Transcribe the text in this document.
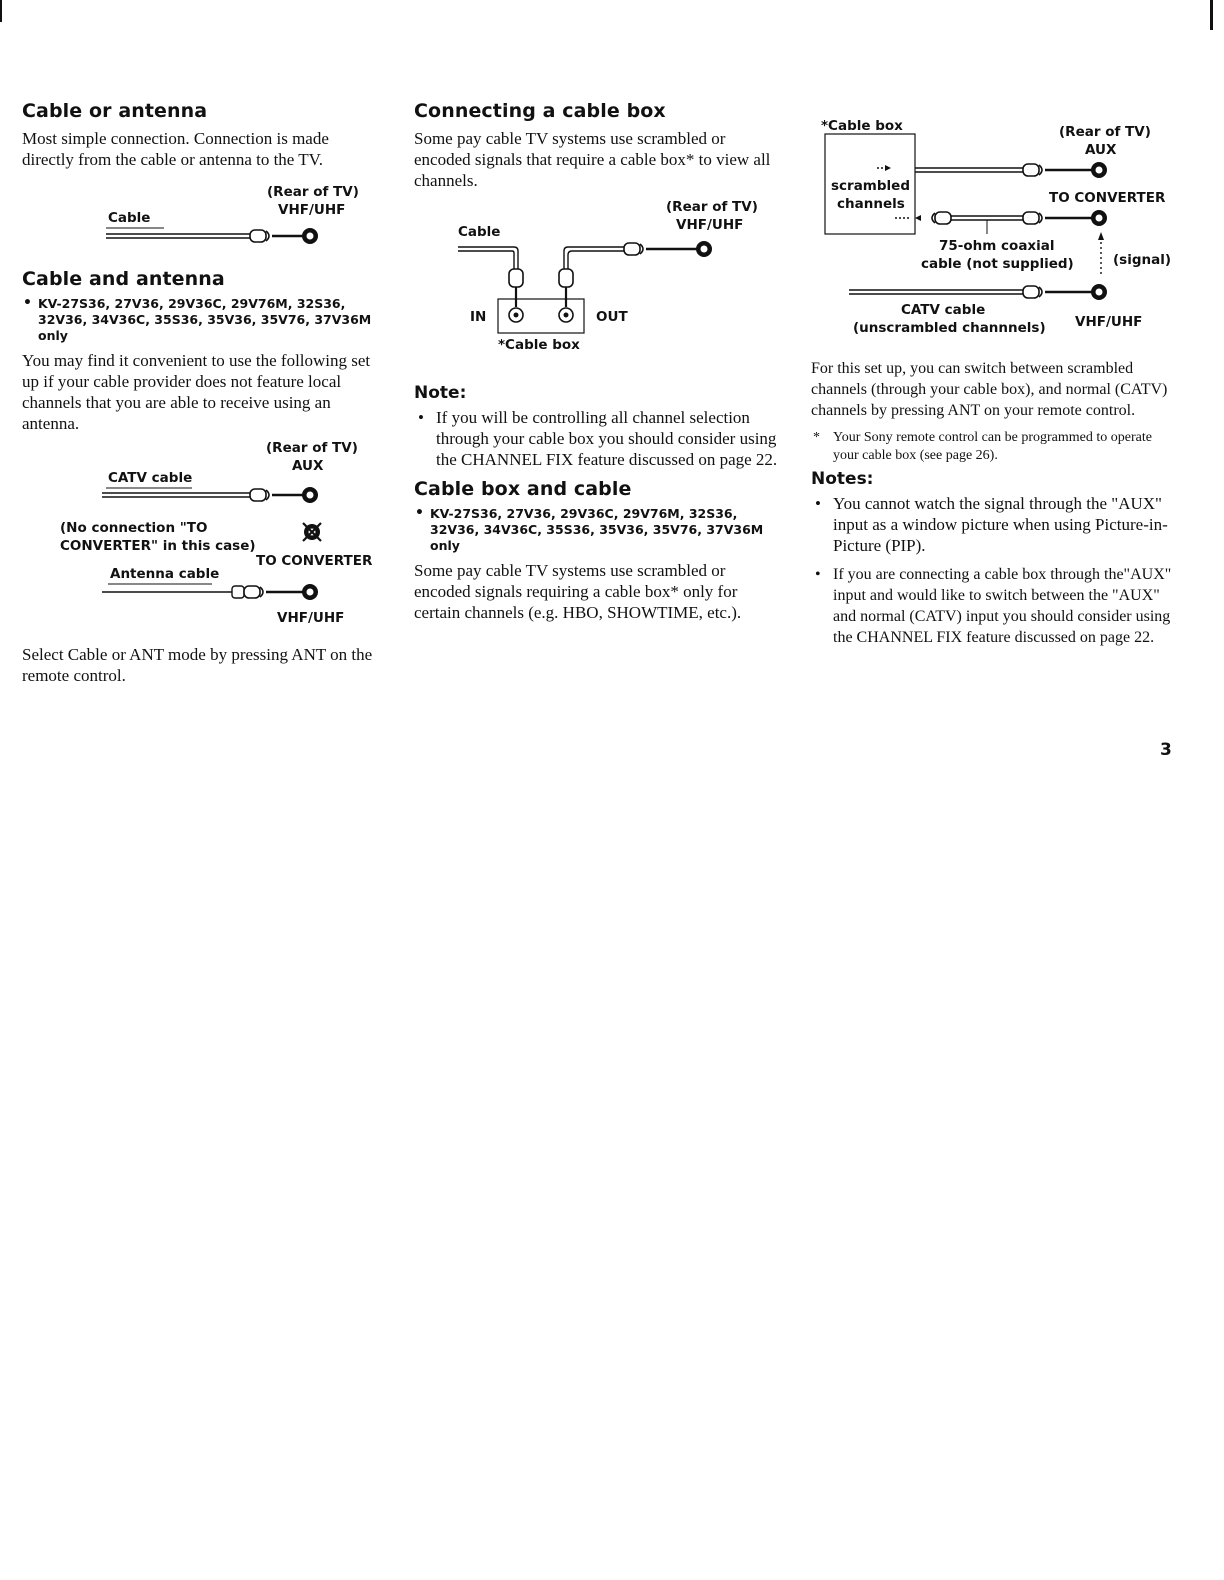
Cable or antenna

Most simple connection. Connection is made directly from the cable or antenna to the TV.

(Rear of TV)
VHF/UHF
Cable
Cable and antenna
• KV-27S36, 27V36, 29V36C, 29V76M, 32S36, 32V36, 34V36C, 35S36, 35V36, 35V76, 37V36M only

You may find it convenient to use the following set up if your cable provider does not feature local channels that you are able to receive using an antenna.

(Rear of TV)
AUX
CATV cable
(No connection "TO
CONVERTER" in this case)
TO CONVERTER
Antenna cable
VHF/UHF

Select Cable or ANT mode by pressing ANT on the remote control.

Connecting a cable box

Some pay cable TV systems use scrambled or encoded signals that require a cable box* to view all channels.

(Rear of TV)
VHF/UHF
Cable
IN	OUT
*Cable box
Note:
• If you will be controlling all channel selection through your cable box you should consider using the CHANNEL FIX feature discussed on page 22.
Cable box and cable
• KV-27S36, 27V36, 29V36C, 29V76M, 32S36, 32V36, 34V36C, 35S36, 35V36, 35V76, 37V36M only

Some pay cable TV systems use scrambled or encoded signals requiring a cable box* only for certain channels (e.g. HBO, SHOWTIME, etc.).

*Cable box	(Rear of TV)
AUX
scrambled
channels	TO CONVERTER
75-ohm coaxial
cable (not supplied)	(signal)
CATV cable
(unscrambled channnels) VHF/UHF

For this set up, you can switch between scrambled channels (through your cable box), and normal (CATV) channels by pressing ANT on your remote control.

* Your Sony remote control can be programmed to operate your cable box (see page 26).
Notes:
• You cannot watch the signal through the "AUX" input as a window picture when using Picture-in-Picture (PIP).
• If you are connecting a cable box through the"AUX" input and would like to switch between the "AUX" and normal (CATV) input you should consider using the CHANNEL FIX feature discussed on page 22.
3
